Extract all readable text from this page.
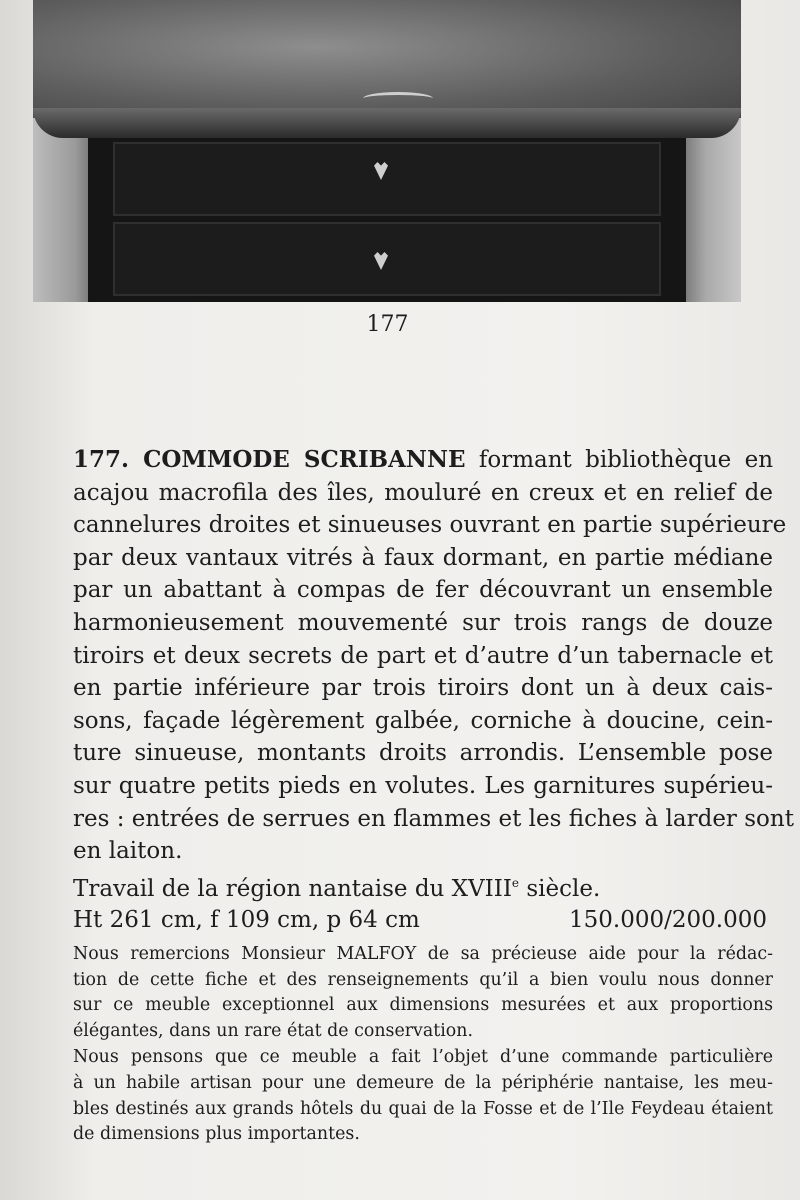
177

177. COMMODE SCRIBANNE formant bibliothèque en
acajou macrofila des îles, mouluré en creux et en relief de
cannelures droites et sinueuses ouvrant en partie supérieure
par deux vantaux vitrés à faux dormant, en partie médiane
par un abattant à compas de fer découvrant un ensemble
harmonieusement mouvementé sur trois rangs de douze
tiroirs et deux secrets de part et d’autre d’un tabernacle et
en partie inférieure par trois tiroirs dont un à deux cais-
sons, façade légèrement galbée, corniche à doucine, cein-
ture sinueuse, montants droits arrondis. L’ensemble pose
sur quatre petits pieds en volutes. Les garnitures supérieu-
res : entrées de serrues en flammes et les fiches à larder sont
en laiton.

Travail de la région nantaise du XVIIIe siècle.
Ht 261 cm, f 109 cm, p 64 cm	150.000/200.000
Nous remercions Monsieur MALFOY de sa précieuse aide pour la rédac-
tion de cette fiche et des renseignements qu’il a bien voulu nous donner
sur ce meuble exceptionnel aux dimensions mesurées et aux proportions
élégantes, dans un rare état de conservation.
Nous pensons que ce meuble a fait l’objet d’une commande particulière
à un habile artisan pour une demeure de la périphérie nantaise, les meu-
bles destinés aux grands hôtels du quai de la Fosse et de l’Ile Feydeau étaient
de dimensions plus importantes.
